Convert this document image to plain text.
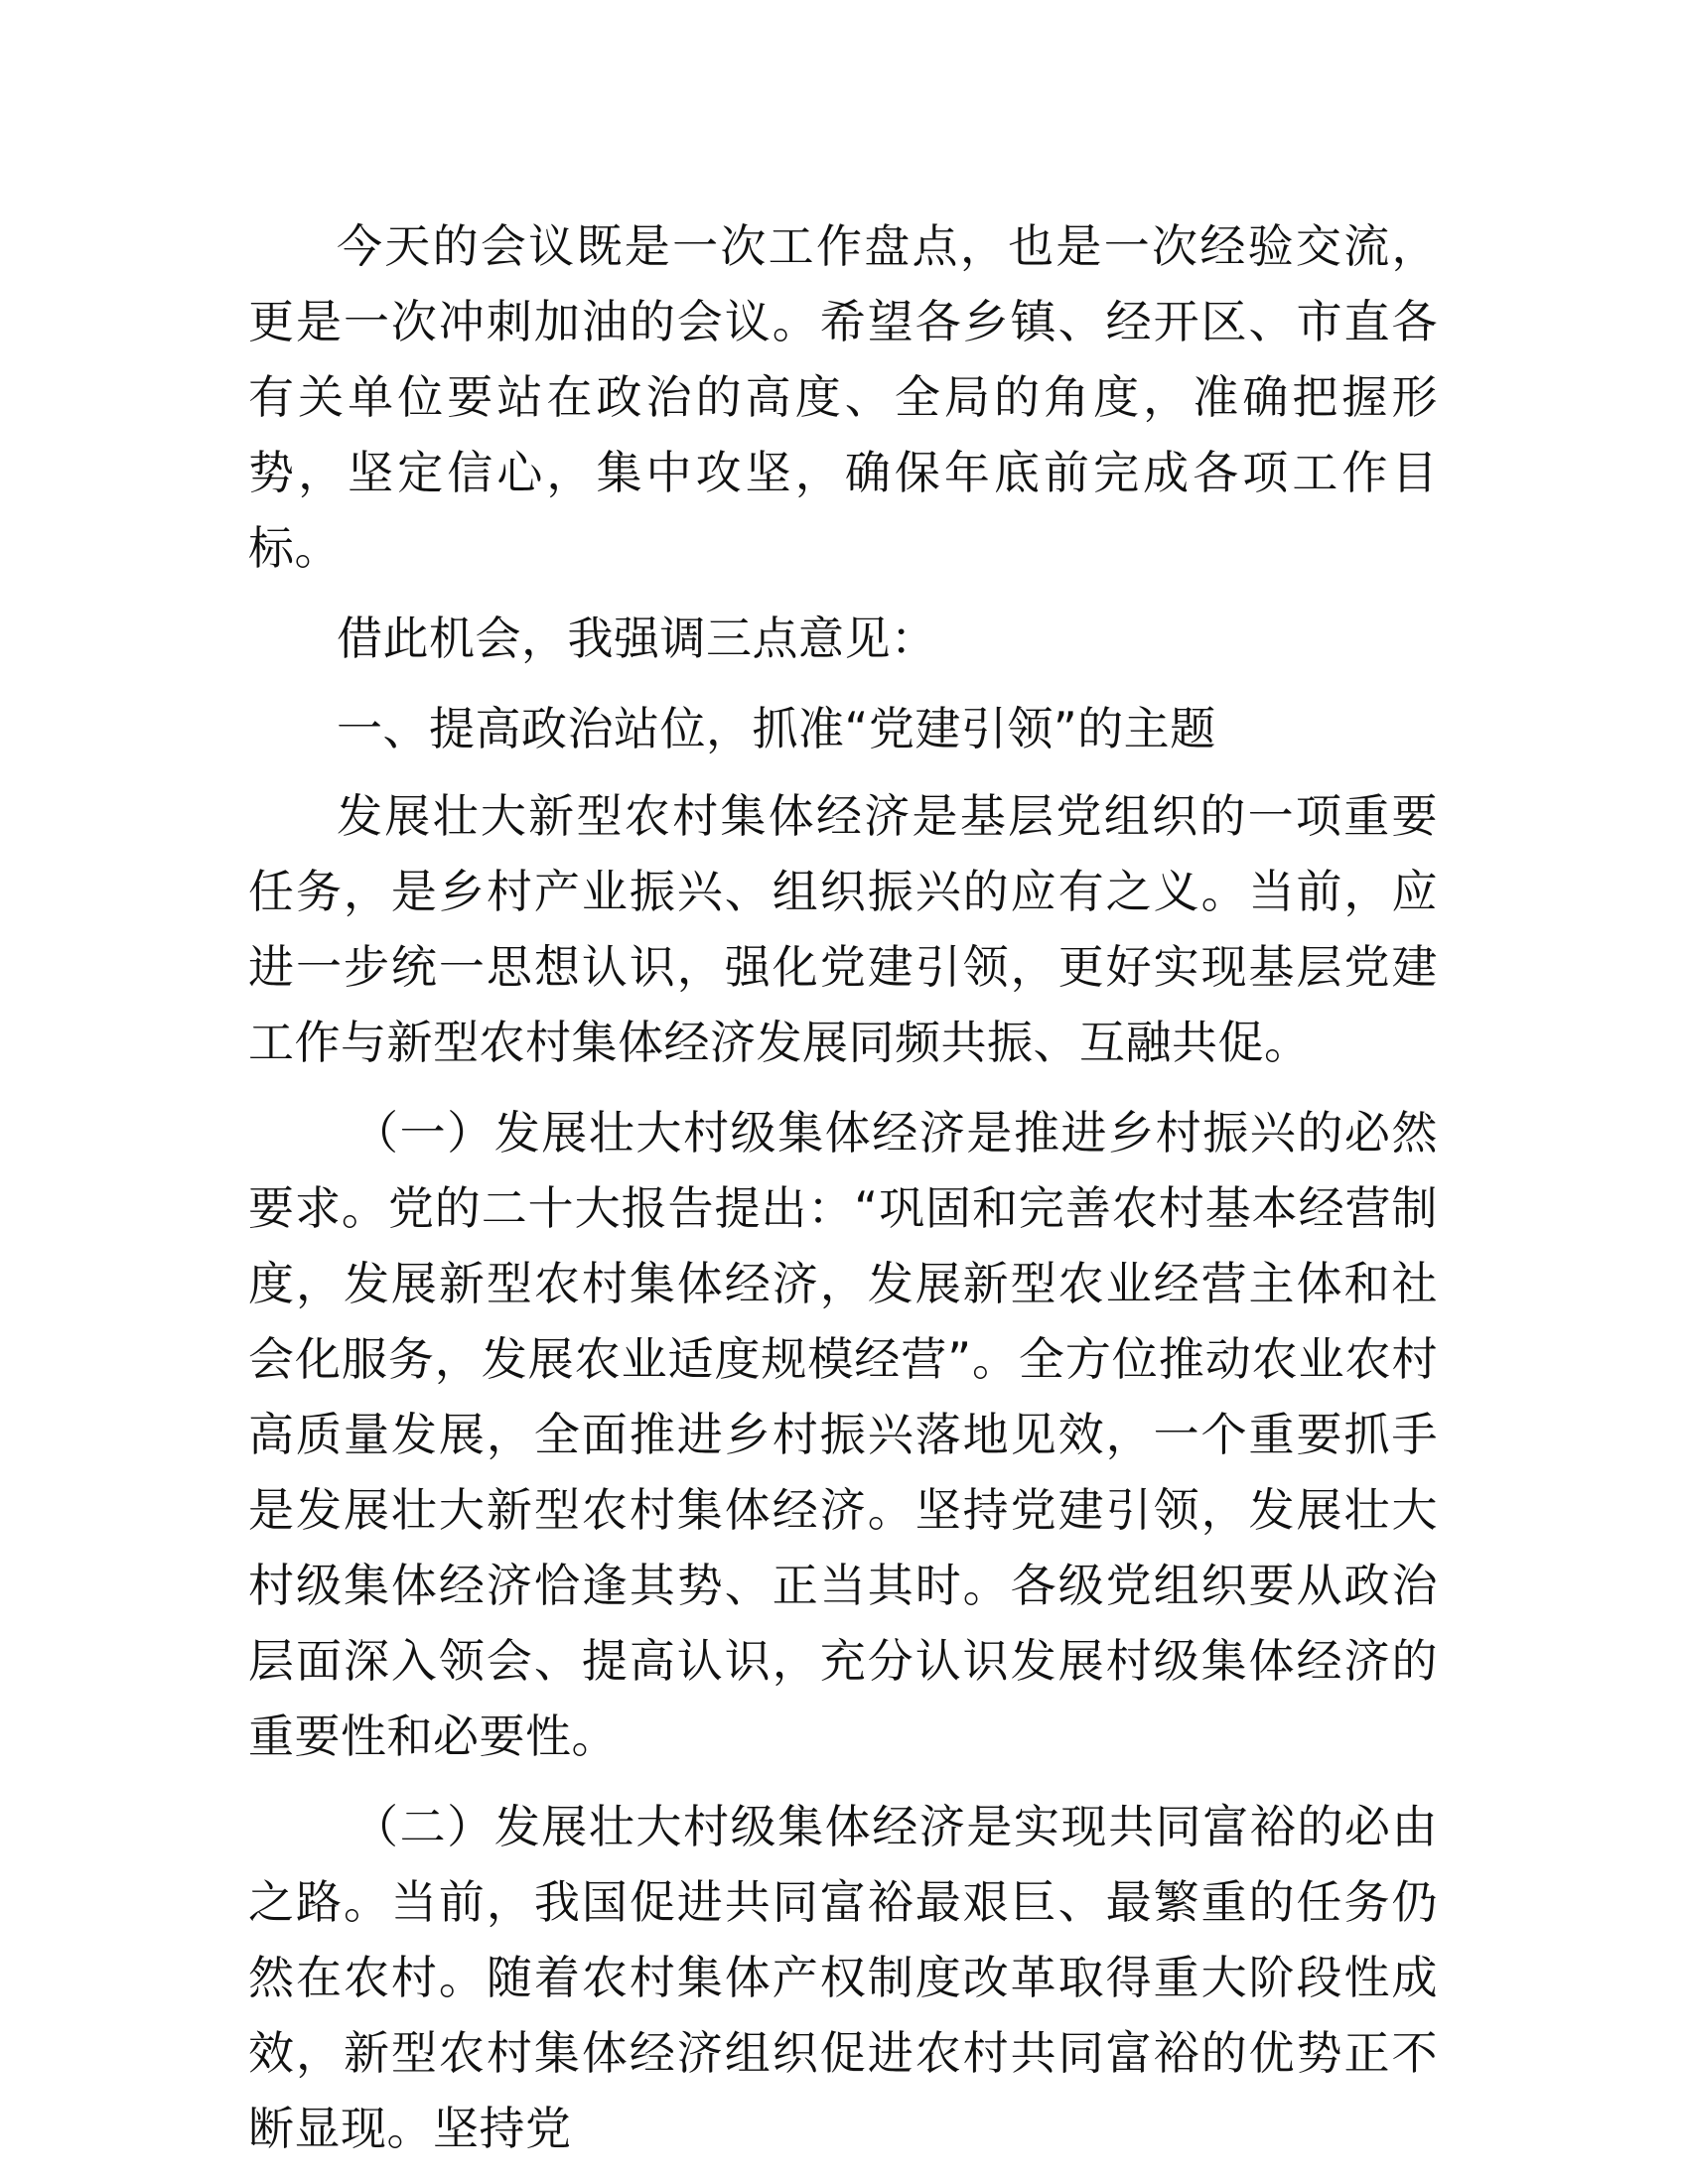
今天的会议既是一次工作盘点，也是一次经验交流，更是一次冲刺加油的会议。希望各乡镇、经开区、市直各有关单位要站在政治的高度、全局的角度，准确把握形势，坚定信心，集中攻坚，确保年底前完成各项工作目标。

借此机会，我强调三点意见：

一、提高政治站位，抓准“党建引领”的主题

发展壮大新型农村集体经济是基层党组织的一项重要任务，是乡村产业振兴、组织振兴的应有之义。当前，应进一步统一思想认识，强化党建引领，更好实现基层党建工作与新型农村集体经济发展同频共振、互融共促。

（一）发展壮大村级集体经济是推进乡村振兴的必然要求。党的二十大报告提出：“巩固和完善农村基本经营制度，发展新型农村集体经济，发展新型农业经营主体和社会化服务，发展农业适度规模经营”。全方位推动农业农村高质量发展，全面推进乡村振兴落地见效，一个重要抓手是发展壮大新型农村集体经济。坚持党建引领，发展壮大村级集体经济恰逢其势、正当其时。各级党组织要从政治层面深入领会、提高认识，充分认识发展村级集体经济的重要性和必要性。

（二）发展壮大村级集体经济是实现共同富裕的必由之路。当前，我国促进共同富裕最艰巨、最繁重的任务仍然在农村。随着农村集体产权制度改革取得重大阶段性成效，新型农村集体经济组织促进农村共同富裕的优势正不断显现。坚持党
